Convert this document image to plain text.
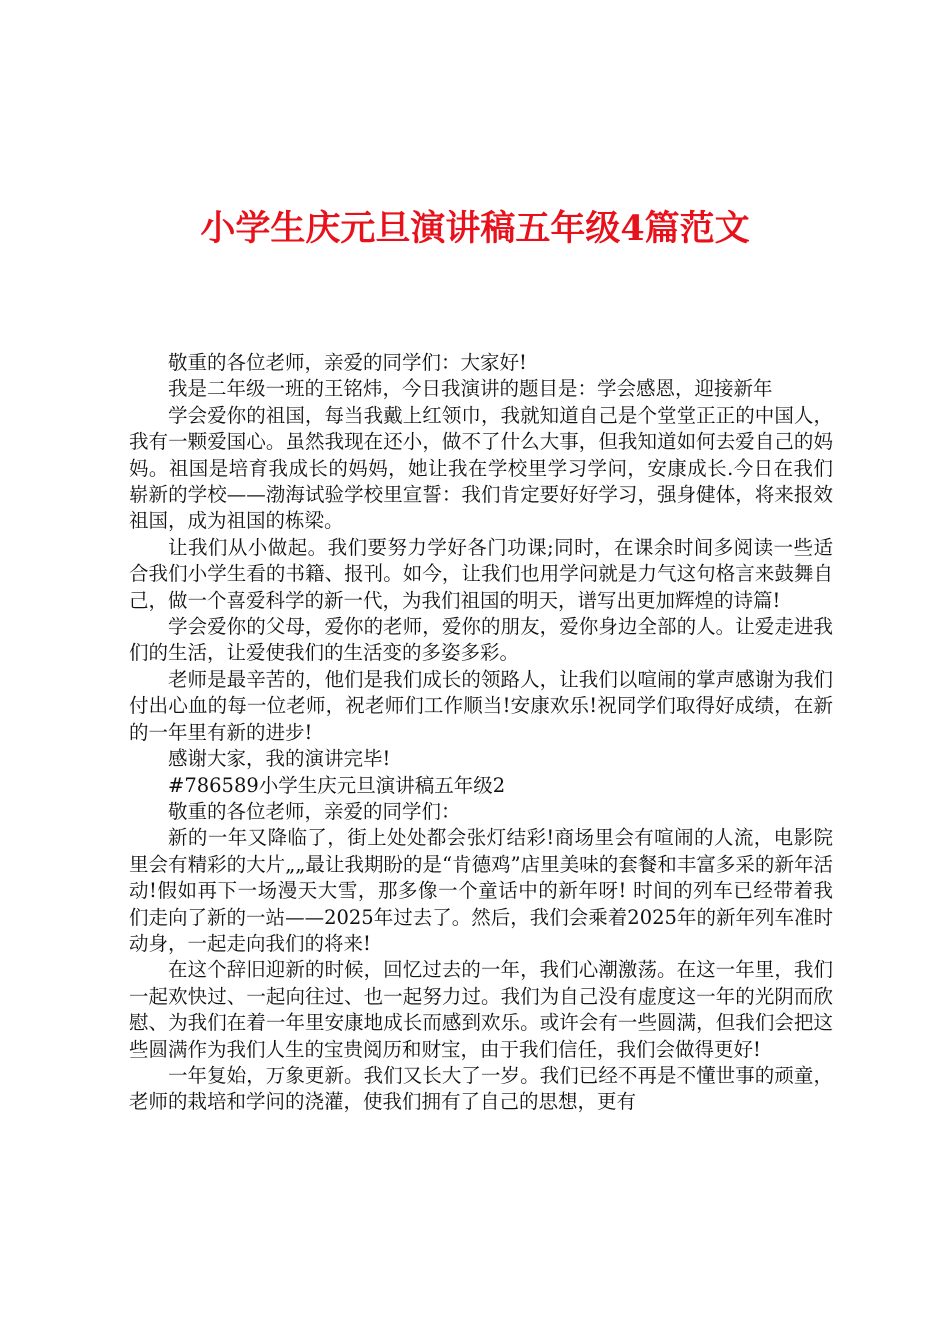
小学生庆元旦演讲稿五年级4篇范文

敬重的各位老师，亲爱的同学们：大家好!

我是二年级一班的王铭炜，今日我演讲的题目是：学会感恩，迎接新年

学会爱你的祖国，每当我戴上红领巾，我就知道自己是个堂堂正正的中国人，我有一颗爱国心。虽然我现在还小，做不了什么大事，但我知道如何去爱自己的妈妈。祖国是培育我成长的妈妈，她让我在学校里学习学问，安康成长.今日在我们崭新的学校——渤海试验学校里宣誓：我们肯定要好好学习，强身健体，将来报效祖国，成为祖国的栋梁。

让我们从小做起。我们要努力学好各门功课;同时，在课余时间多阅读一些适合我们小学生看的书籍、报刊。如今，让我们也用学问就是力气这句格言来鼓舞自己，做一个喜爱科学的新一代，为我们祖国的明天，谱写出更加辉煌的诗篇!

学会爱你的父母，爱你的老师，爱你的朋友，爱你身边全部的人。让爱走进我们的生活，让爱使我们的生活变的多姿多彩。

老师是最辛苦的，他们是我们成长的领路人，让我们以喧闹的掌声感谢为我们付出心血的每一位老师，祝老师们工作顺当!安康欢乐!祝同学们取得好成绩，在新的一年里有新的进步!

感谢大家，我的演讲完毕!

#786589小学生庆元旦演讲稿五年级2

敬重的各位老师，亲爱的同学们：

新的一年又降临了，街上处处都会张灯结彩!商场里会有喧闹的人流，电影院里会有精彩的大片„„最让我期盼的是“肯德鸡”店里美味的套餐和丰富多采的新年活动!假如再下一场漫天大雪，那多像一个童话中的新年呀! 时间的列车已经带着我们走向了新的一站——2025年过去了。然后，我们会乘着2025年的新年列车准时动身，一起走向我们的将来!

在这个辞旧迎新的时候，回忆过去的一年，我们心潮激荡。在这一年里，我们一起欢快过、一起向往过、也一起努力过。我们为自己没有虚度这一年的光阴而欣慰、为我们在着一年里安康地成长而感到欢乐。或许会有一些圆满，但我们会把这些圆满作为我们人生的宝贵阅历和财宝，由于我们信任，我们会做得更好!

一年复始，万象更新。我们又长大了一岁。我们已经不再是不懂世事的顽童，老师的栽培和学问的浇灌，使我们拥有了自己的思想，更有
